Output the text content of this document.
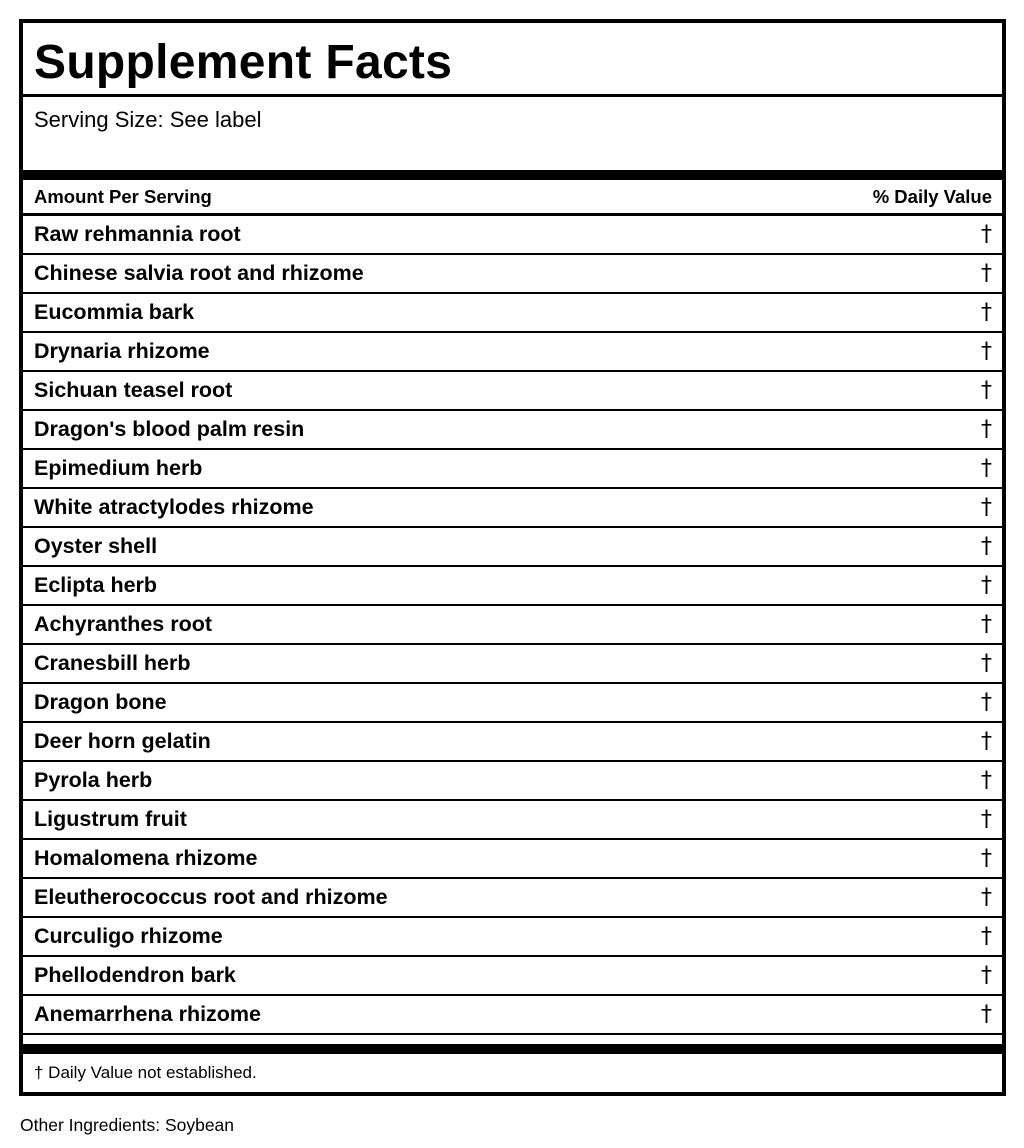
Supplement Facts
Serving Size: See label
Amount Per Serving	% Daily Value
Raw rehmannia root	†
Chinese salvia root and rhizome	†
Eucommia bark	†
Drynaria rhizome	†
Sichuan teasel root	†
Dragon's blood palm resin	†
Epimedium herb	†
White atractylodes rhizome	†
Oyster shell	†
Eclipta herb	†
Achyranthes root	†
Cranesbill herb	†
Dragon bone	†
Deer horn gelatin	†
Pyrola herb	†
Ligustrum fruit	†
Homalomena rhizome	†
Eleutherococcus root and rhizome	†
Curculigo rhizome	†
Phellodendron bark	†
Anemarrhena rhizome	†
† Daily Value not established.
Other Ingredients: Soybean
